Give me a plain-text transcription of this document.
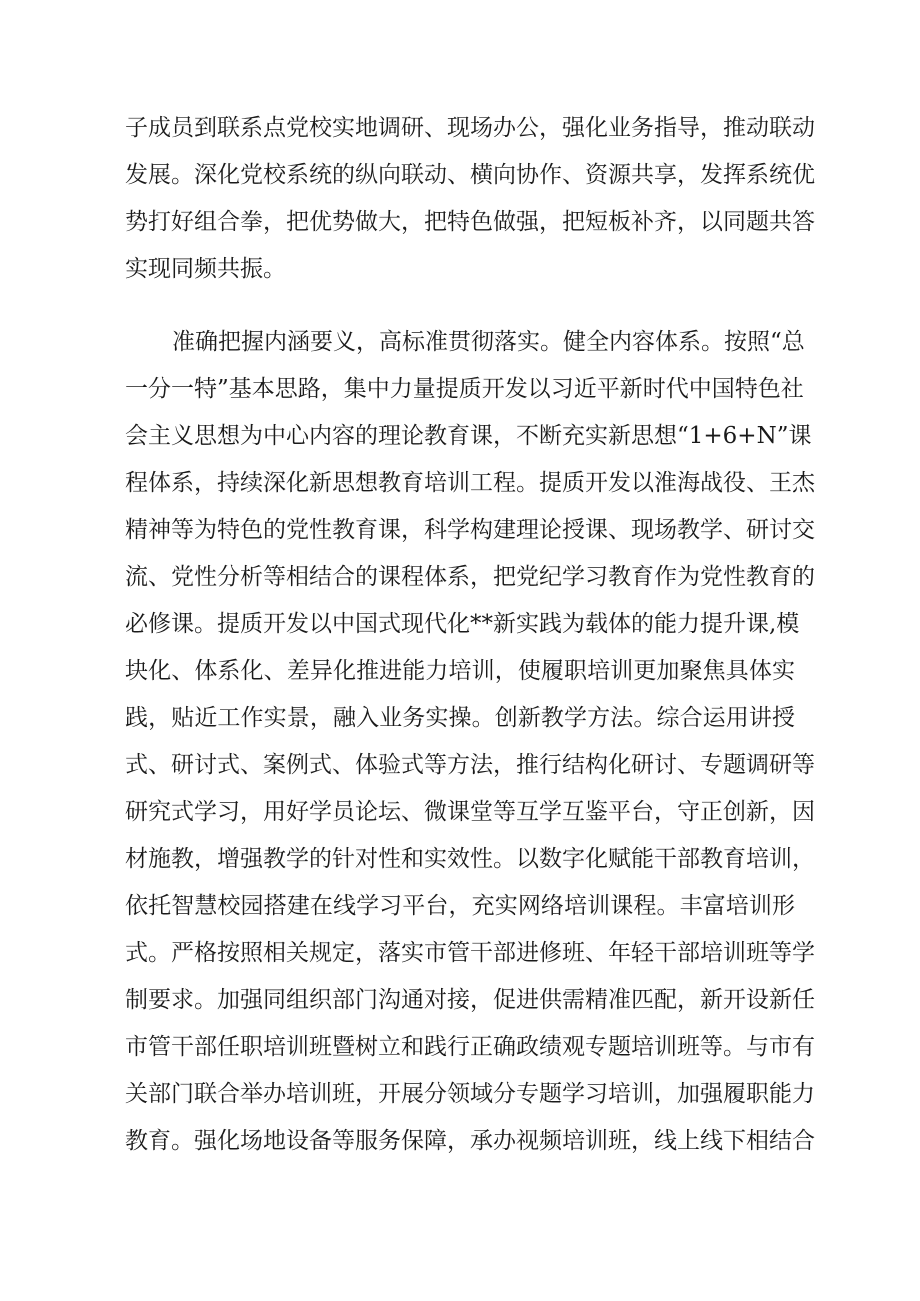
子成员到联系点党校实地调研、现场办公，强化业务指导，推动联动

发展。深化党校系统的纵向联动、横向协作、资源共享，发挥系统优

势打好组合拳，把优势做大，把特色做强，把短板补齐，以同题共答

实现同频共振。

准确把握内涵要义，高标准贯彻落实。健全内容体系。按照“总

一分一特”基本思路，集中力量提质开发以习近平新时代中国特色社

会主义思想为中心内容的理论教育课，不断充实新思想“1+6+N”课

程体系，持续深化新思想教育培训工程。提质开发以淮海战役、王杰

精神等为特色的党性教育课，科学构建理论授课、现场教学、研讨交

流、党性分析等相结合的课程体系，把党纪学习教育作为党性教育的

必修课。提质开发以中国式现代化**新实践为载体的能力提升课,模

块化、体系化、差异化推进能力培训，使履职培训更加聚焦具体实

践，贴近工作实景，融入业务实操。创新教学方法。综合运用讲授

式、研讨式、案例式、体验式等方法，推行结构化研讨、专题调研等

研究式学习，用好学员论坛、微课堂等互学互鉴平台，守正创新，因

材施教，增强教学的针对性和实效性。以数字化赋能干部教育培训，

依托智慧校园搭建在线学习平台，充实网络培训课程。丰富培训形

式。严格按照相关规定，落实市管干部进修班、年轻干部培训班等学

制要求。加强同组织部门沟通对接，促进供需精准匹配，新开设新任

市管干部任职培训班暨树立和践行正确政绩观专题培训班等。与市有

关部门联合举办培训班，开展分领域分专题学习培训，加强履职能力

教育。强化场地设备等服务保障，承办视频培训班，线上线下相结合
